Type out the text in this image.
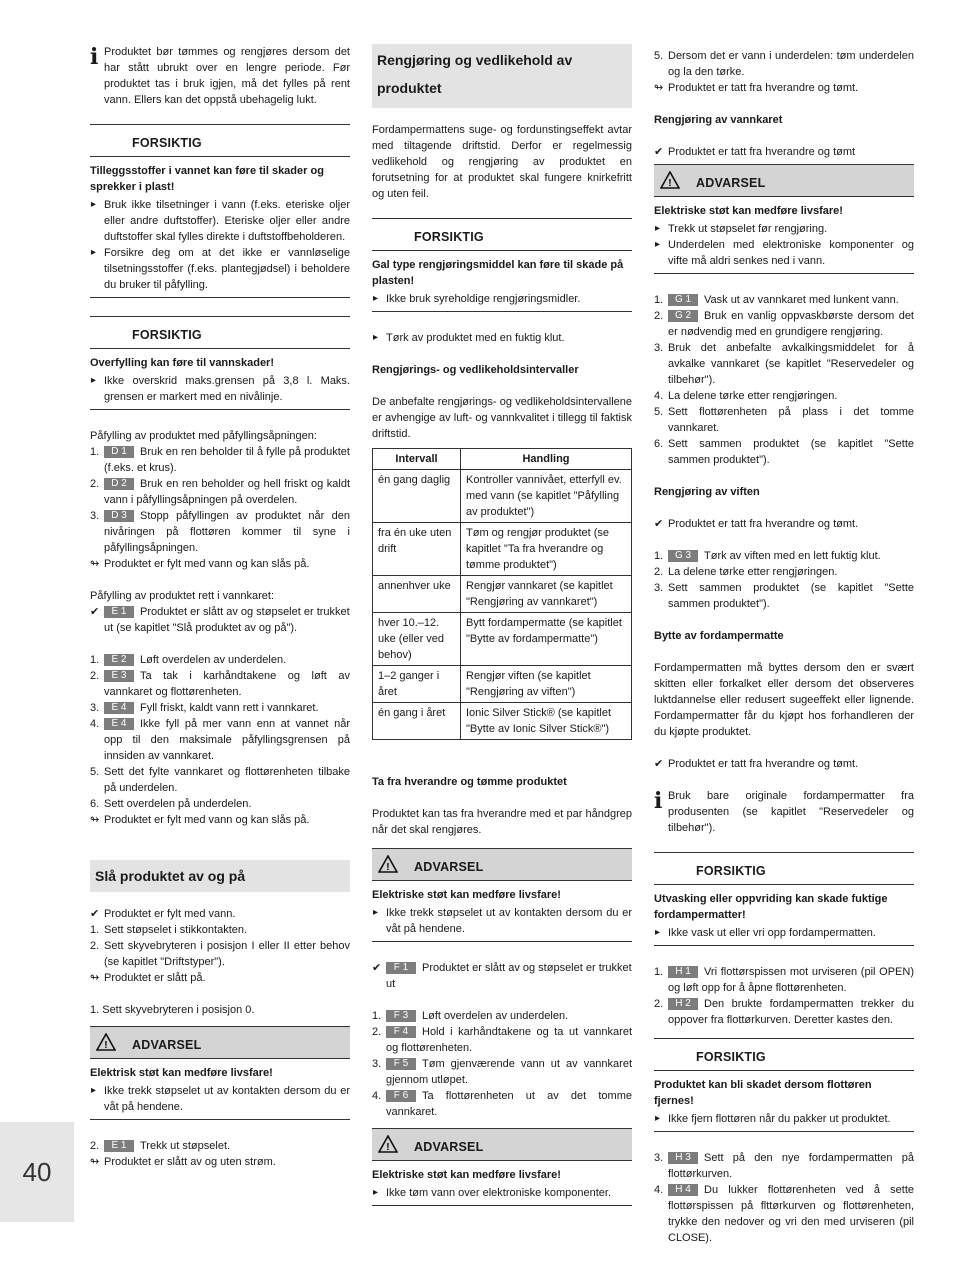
i Produktet bør tømmes og rengjøres dersom det har stått ubrukt over en lengre periode. Før produktet tas i bruk igjen, må det fylles på rent vann. Ellers kan det oppstå ubehagelig lukt.
FORSIKTIG
Tilleggsstoffer i vannet kan føre til skader og sprekker i plast!
▸ Bruk ikke tilsetninger i vann (f.eks. eteriske oljer eller andre duftstoffer). Eteriske oljer eller andre duftstoffer skal fylles direkte i duftstoffbeholderen.
▸ Forsikre deg om at det ikke er vannløselige tilsetningsstoffer (f.eks. plantegjødsel) i beholdere du bruker til påfylling.
FORSIKTIG
Overfylling kan føre til vannskader!
▸ Ikke overskrid maks.grensen på 3,8 l. Maks. grensen er markert med en nivålinje.
Påfylling av produktet med påfyllingsåpningen:
1. D 1 Bruk en ren beholder til å fylle på produktet (f.eks. et krus).
2. D 2 Bruk en ren beholder og hell friskt og kaldt vann i påfyllingsåpningen på overdelen.
3. D 3 Stopp påfyllingen av produktet når den nivåringen på flottøren kommer til syne i påfyllingsåpningen.
↬ Produktet er fylt med vann og kan slås på.
Påfylling av produktet rett i vannkaret:
✔ E 1 Produktet er slått av og støpselet er trukket ut (se kapitlet "Slå produktet av og på").
1. E 2 Løft overdelen av underdelen.
2. E 3 Ta tak i karhåndtakene og løft av vannkaret og flottørenheten.
3. E 4 Fyll friskt, kaldt vann rett i vannkaret.
4. E 4 Ikke fyll på mer vann enn at vannet når opp til den maksimale påfyllingsgrensen på innsiden av vannkaret.
5. Sett det fylte vannkaret og flottørenheten tilbake på underdelen.
6. Sett overdelen på underdelen.
↬ Produktet er fylt med vann og kan slås på.
Slå produktet av og på
✔ Produktet er fylt med vann.
1. Sett støpselet i stikkontakten.
2. Sett skyvebryteren i posisjon I eller II etter behov (se kapitlet "Driftstyper").
↬ Produktet er slått på.
1. Sett skyvebryteren i posisjon 0.
! ADVARSEL
Elektrisk støt kan medføre livsfare!
▸ Ikke trekk støpselet ut av kontakten dersom du er våt på hendene.
2. E 1 Trekk ut støpselet.
↬ Produktet er slått av og uten strøm.
Rengjøring og vedlikehold av produktet

Fordampermattens suge- og fordunstingseffekt avtar med tiltagende driftstid. Derfor er regelmessig vedlikehold og rengjøring av produktet en forutsetning for at produktet skal fungere knirkefritt og uten feil.

FORSIKTIG
Gal type rengjøringsmiddel kan føre til skade på plasten!
▸ Ikke bruk syreholdige rengjøringsmidler.
▸ Tørk av produktet med en fuktig klut.
Rengjørings- og vedlikeholdsintervaller

De anbefalte rengjørings- og vedlikeholdsintervallene er avhengige av luft- og vannkvalitet i tillegg til faktisk driftstid.

Intervall	Handling
én gang daglig	Kontroller vannivået, etterfyll ev. med vann (se kapitlet "Påfylling av produktet")
fra én uke uten drift	Tøm og rengjør produktet (se kapitlet "Ta fra hverandre og tømme produktet")
annenhver uke	Rengjør vannkaret (se kapitlet "Rengjøring av vannkaret")
hver 10.–12. uke (eller ved behov)	Bytt fordampermatte (se kapitlet "Bytte av fordampermatte")
1–2 ganger i året	Rengjør viften (se kapitlet "Rengjøring av viften")
én gang i året	Ionic Silver Stick® (se kapitlet "Bytte av Ionic Silver Stick®")
Ta fra hverandre og tømme produktet

Produktet kan tas fra hverandre med et par håndgrep når det skal rengjøres.

! ADVARSEL
Elektriske støt kan medføre livsfare!
▸ Ikke trekk støpselet ut av kontakten dersom du er våt på hendene.
✔ F 1 Produktet er slått av og støpselet er trukket ut
1. F 3 Løft overdelen av underdelen.
2. F 4 Hold i karhåndtakene og ta ut vannkaret og flottørenheten.
3. F 5 Tøm gjenværende vann ut av vannkaret gjennom utløpet.
4. F 6 Ta flottørenheten ut av det tomme vannkaret.
! ADVARSEL
Elektriske støt kan medføre livsfare!
▸ Ikke tøm vann over elektroniske komponenter.
5. Dersom det er vann i underdelen: tøm underdelen og la den tørke.
↬ Produktet er tatt fra hverandre og tømt.
Rengjøring av vannkaret
✔ Produktet er tatt fra hverandre og tømt
! ADVARSEL
Elektriske støt kan medføre livsfare!
▸ Trekk ut støpselet før rengjøring.
▸ Underdelen med elektroniske komponenter og vifte må aldri senkes ned i vann.
1. G 1 Vask ut av vannkaret med lunkent vann.
2. G 2 Bruk en vanlig oppvaskbørste dersom det er nødvendig med en grundigere rengjøring.
3. Bruk det anbefalte avkalkingsmiddelet for å avkalke vannkaret (se kapitlet "Reservedeler og tilbehør").
4. La delene tørke etter rengjøringen.
5. Sett flottørenheten på plass i det tomme vannkaret.
6. Sett sammen produktet (se kapitlet "Sette sammen produktet").
Rengjøring av viften
✔ Produktet er tatt fra hverandre og tømt.
1. G 3 Tørk av viften med en lett fuktig klut.
2. La delene tørke etter rengjøringen.
3. Sett sammen produktet (se kapitlet "Sette sammen produktet").
Bytte av fordampermatte

Fordampermatten må byttes dersom den er svært skitten eller forkalket eller dersom det observeres luktdannelse eller redusert sugeeffekt eller lignende. Fordampermatter får du kjøpt hos forhandleren der du kjøpte produktet.

✔ Produktet er tatt fra hverandre og tømt.
i Bruk bare originale fordampermatter fra produsenten (se kapitlet "Reservedeler og tilbehør").
FORSIKTIG
Utvasking eller oppvriding kan skade fuktige fordampermatter!
▸ Ikke vask ut eller vri opp fordampermatten.
1. H 1 Vri flottørspissen mot urviseren (pil OPEN) og løft opp for å åpne flottørenheten.
2. H 2 Den brukte fordampermatten trekker du oppover fra flottørkurven. Deretter kastes den.
FORSIKTIG
Produktet kan bli skadet dersom flottøren fjernes!
▸ Ikke fjern flottøren når du pakker ut produktet.
3. H 3 Sett på den nye fordampermatten på flottørkurven.
4. H 4 Du lukker flottørenheten ved å sette flottørspissen på flttørkurven og flottørenheten, trykke den nedover og vri den med urviseren (pil CLOSE).
40
